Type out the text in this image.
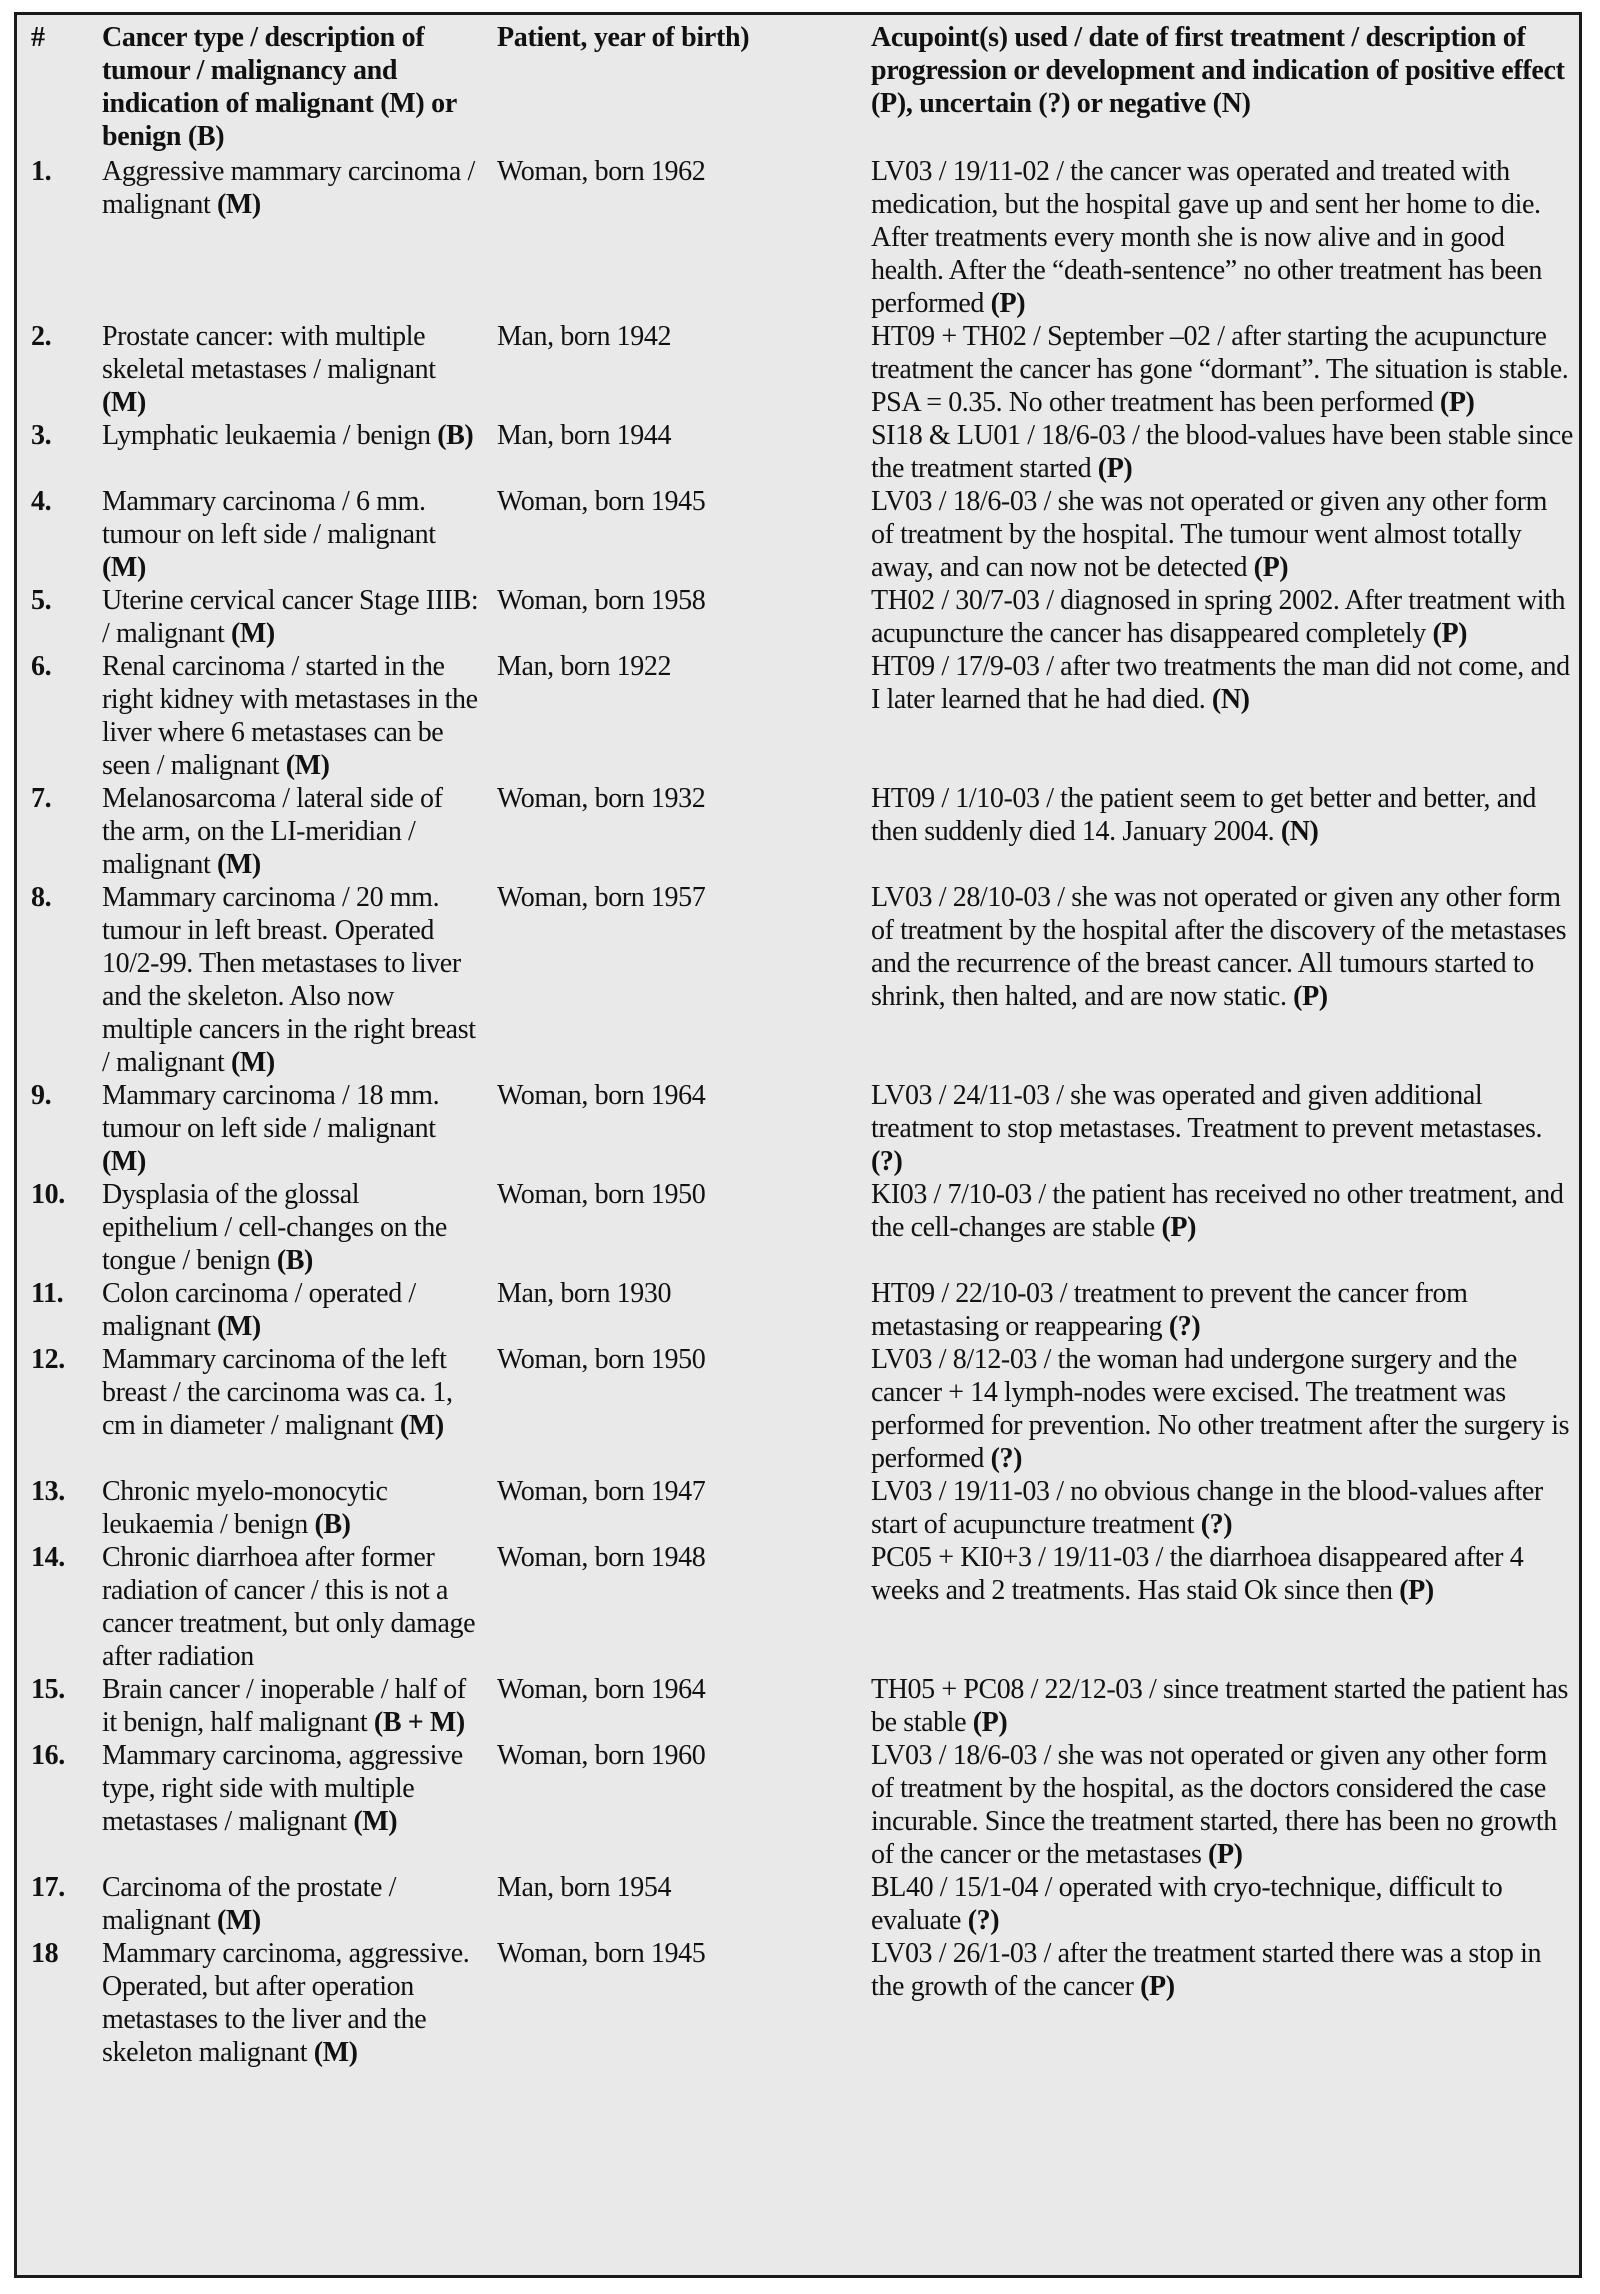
#	Cancer type / description of tumour / malignancy and indication of malignant (M) or benign (B)	Patient, year of birth)	Acupoint(s) used / date of first treatment / description of progression or development and indication of positive effect (P), uncertain (?) or negative (N)
1.	Aggressive mammary carcinoma / malignant (M)	Woman, born 1962	LV03 / 19/11-02 / the cancer was operated and treated with medication, but the hospital gave up and sent her home to die. After treatments every month she is now alive and in good health. After the “death-sentence” no other treatment has been performed (P)
2.	Prostate cancer: with multiple skeletal metastases / malignant (M)	Man, born 1942	HT09 + TH02 / September –02 / after starting the acupuncture treatment the cancer has gone “dormant”. The situation is stable. PSA = 0.35. No other treatment has been performed (P)
3.	Lymphatic leukaemia / benign (B)	Man, born 1944	SI18 & LU01 / 18/6-03 / the blood-values have been stable since the treatment started (P)
4.	Mammary carcinoma / 6 mm. tumour on left side / malignant (M)	Woman, born 1945	LV03 / 18/6-03 / she was not operated or given any other form of treatment by the hospital. The tumour went almost totally away, and can now not be detected (P)
5.	Uterine cervical cancer Stage IIIB: / malignant (M)	Woman, born 1958	TH02 / 30/7-03 / diagnosed in spring 2002. After treatment with acupuncture the cancer has disappeared completely (P)
6.	Renal carcinoma / started in the right kidney with metastases in the liver where 6 metastases can be seen / malignant (M)	Man, born 1922	HT09 / 17/9-03 / after two treatments the man did not come, and I later learned that he had died. (N)
7.	Melanosarcoma / lateral side of the arm, on the LI-meridian / malignant (M)	Woman, born 1932	HT09 / 1/10-03 / the patient seem to get better and better, and then suddenly died 14. January 2004. (N)
8.	Mammary carcinoma / 20 mm. tumour in left breast. Operated 10/2-99. Then metastases to liver and the skeleton. Also now multiple cancers in the right breast / malignant (M)	Woman, born 1957	LV03 / 28/10-03 / she was not operated or given any other form of treatment by the hospital after the discovery of the metastases and the recurrence of the breast cancer. All tumours started to shrink, then halted, and are now static. (P)
9.	Mammary carcinoma / 18 mm. tumour on left side / malignant (M)	Woman, born 1964	LV03 / 24/11-03 / she was operated and given additional treatment to stop metastases. Treatment to prevent metastases. (?)
10.	Dysplasia of the glossal epithelium / cell-changes on the tongue / benign (B)	Woman, born 1950	KI03 / 7/10-03 / the patient has received no other treatment, and the cell-changes are stable (P)
11.	Colon carcinoma / operated / malignant (M)	Man, born 1930	HT09 / 22/10-03 / treatment to prevent the cancer from metastasing or reappearing (?)
12.	Mammary carcinoma of the left breast / the carcinoma was ca. 1, cm in diameter / malignant (M)	Woman, born 1950	LV03 / 8/12-03 / the woman had undergone surgery and the cancer + 14 lymph-nodes were excised. The treatment was performed for prevention. No other treatment after the surgery is performed (?)
13.	Chronic myelo-monocytic leukaemia / benign (B)	Woman, born 1947	LV03 / 19/11-03 / no obvious change in the blood-values after start of acupuncture treatment (?)
14.	Chronic diarrhoea after former radiation of cancer / this is not a cancer treatment, but only damage after radiation	Woman, born 1948	PC05 + KI0+3 / 19/11-03 / the diarrhoea disappeared after 4 weeks and 2 treatments. Has staid Ok since then (P)
15.	Brain cancer / inoperable / half of it benign, half malignant (B + M)	Woman, born 1964	TH05 + PC08 / 22/12-03 / since treatment started the patient has be stable (P)
16.	Mammary carcinoma, aggressive type, right side with multiple metastases / malignant (M)	Woman, born 1960	LV03 / 18/6-03 / she was not operated or given any other form of treatment by the hospital, as the doctors considered the case incurable. Since the treatment started, there has been no growth of the cancer or the metastases (P)
17.	Carcinoma of the prostate / malignant (M)	Man, born 1954	BL40 / 15/1-04 / operated with cryo-technique, difficult to evaluate (?)
18	Mammary carcinoma, aggressive. Operated, but after operation metastases to the liver and the skeleton malignant (M)	Woman, born 1945	LV03 / 26/1-03 / after the treatment started there was a stop in the growth of the cancer (P)
